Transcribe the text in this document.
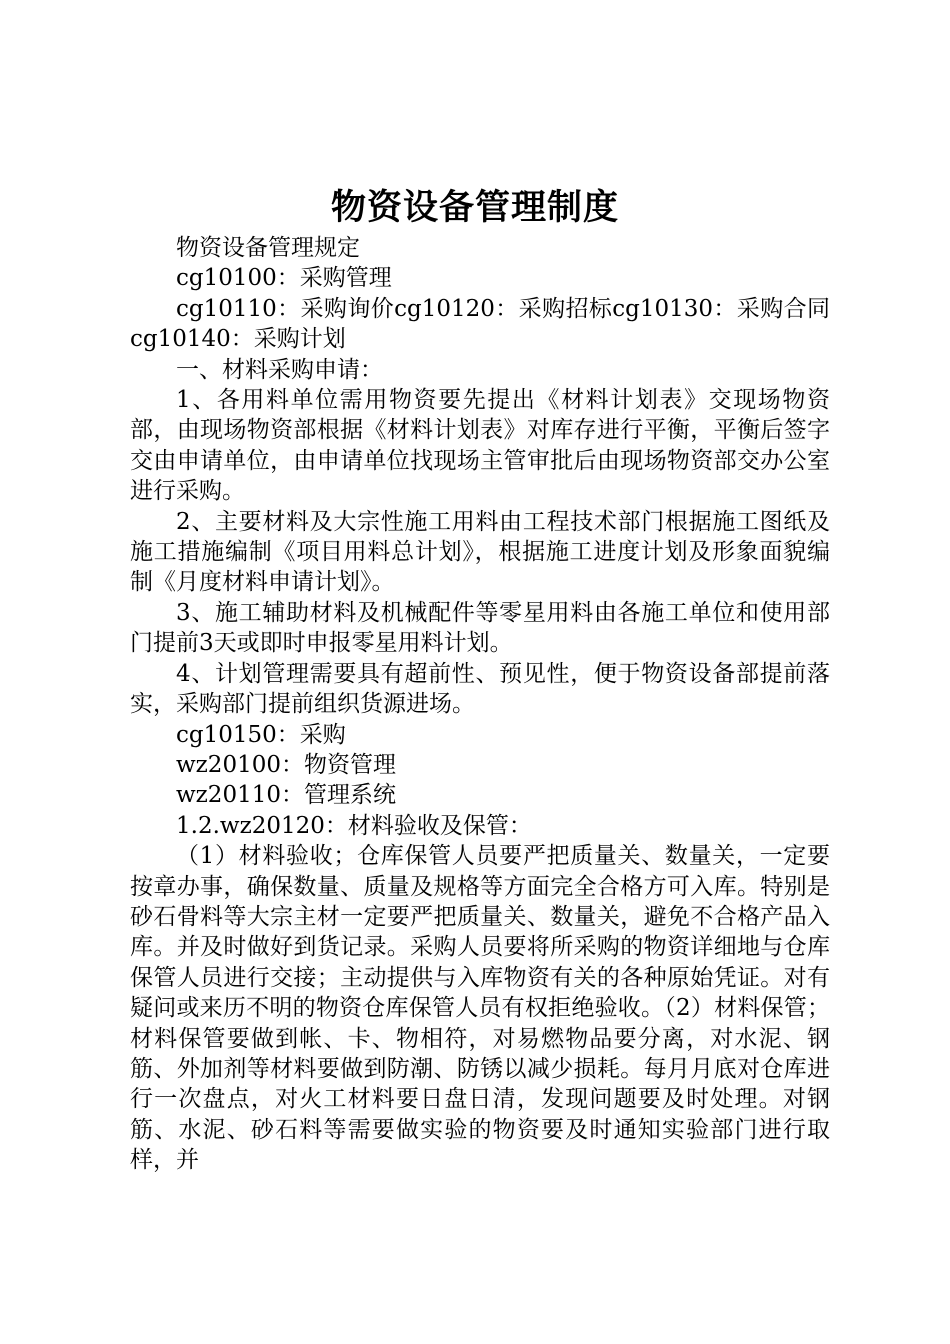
物资设备管理制度

物资设备管理规定

cg10100：采购管理

cg10110：采购询价cg10120：采购招标cg10130：采购合同cg10140：采购计划

一、材料采购申请：

1、各用料单位需用物资要先提出《材料计划表》交现场物资部，由现场物资部根据《材料计划表》对库存进行平衡，平衡后签字交由申请单位，由申请单位找现场主管审批后由现场物资部交办公室进行采购。

2、主要材料及大宗性施工用料由工程技术部门根据施工图纸及施工措施编制《项目用料总计划》，根据施工进度计划及形象面貌编制《月度材料申请计划》。

3、施工辅助材料及机械配件等零星用料由各施工单位和使用部门提前3天或即时申报零星用料计划。

4、计划管理需要具有超前性、预见性，便于物资设备部提前落实，采购部门提前组织货源进场。

cg10150：采购

wz20100：物资管理

wz20110：管理系统

1.2.wz20120：材料验收及保管：

（1）材料验收；仓库保管人员要严把质量关、数量关，一定要按章办事，确保数量、质量及规格等方面完全合格方可入库。特别是砂石骨料等大宗主材一定要严把质量关、数量关，避免不合格产品入库。并及时做好到货记录。采购人员要将所采购的物资详细地与仓库保管人员进行交接；主动提供与入库物资有关的各种原始凭证。对有疑问或来历不明的物资仓库保管人员有权拒绝验收。（2）材料保管；材料保管要做到帐、卡、物相符，对易燃物品要分离，对水泥、钢筋、外加剂等材料要做到防潮、防锈以减少损耗。每月月底对仓库进行一次盘点，对火工材料要日盘日清，发现问题要及时处理。对钢筋、水泥、砂石料等需要做实验的物资要及时通知实验部门进行取样，并
